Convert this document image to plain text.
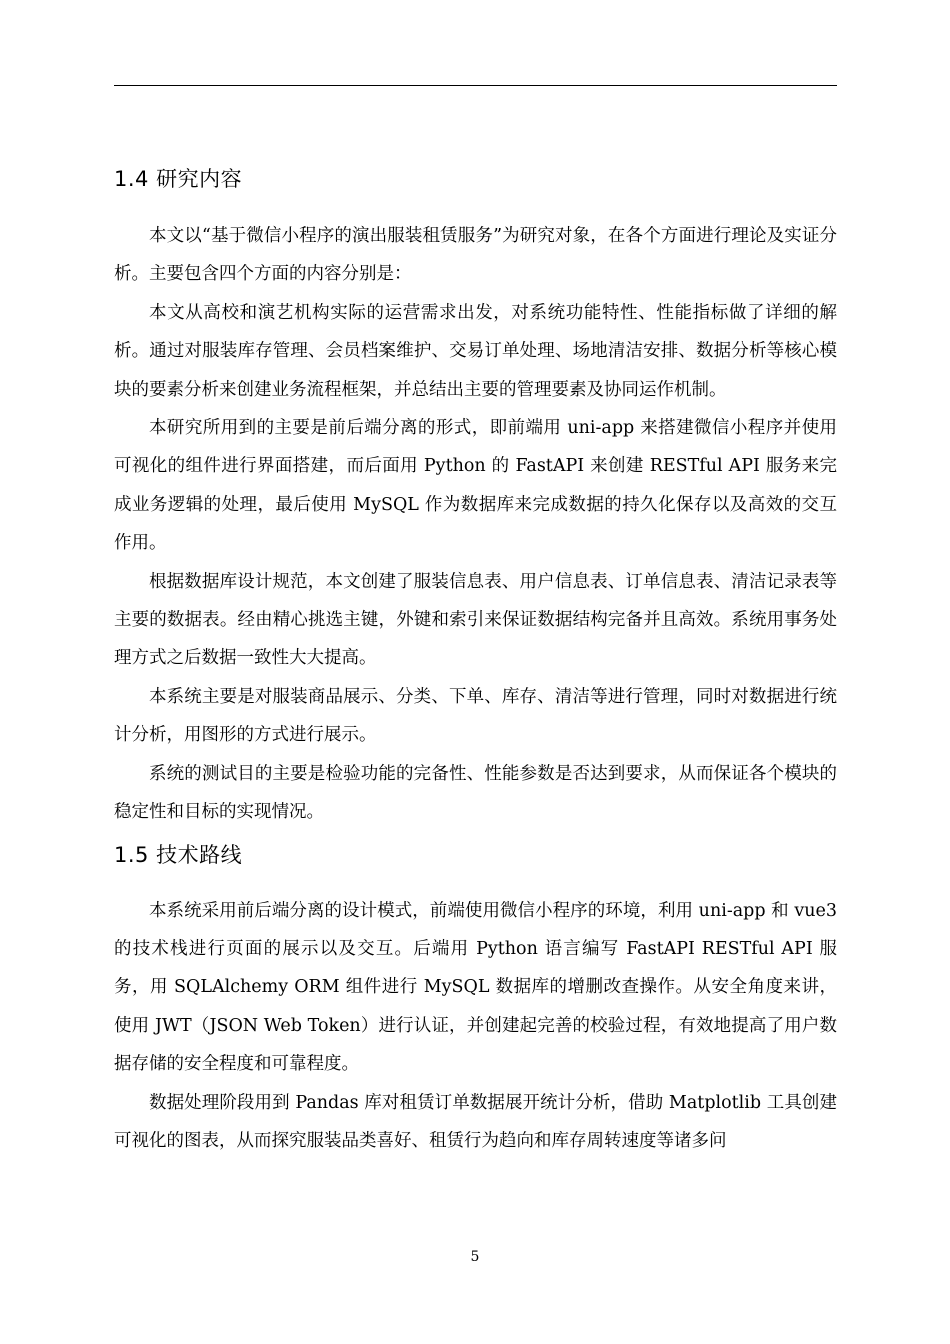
1.4 研究内容

本文以“基于微信小程序的演出服装租赁服务”为研究对象，在各个方面进行理论及实证分析。主要包含四个方面的内容分别是：

本文从高校和演艺机构实际的运营需求出发，对系统功能特性、性能指标做了详细的解析。通过对服装库存管理、会员档案维护、交易订单处理、场地清洁安排、数据分析等核心模块的要素分析来创建业务流程框架，并总结出主要的管理要素及协同运作机制。

本研究所用到的主要是前后端分离的形式，即前端用 uni-app 来搭建微信小程序并使用可视化的组件进行界面搭建，而后面用 Python 的 FastAPI 来创建 RESTful API 服务来完成业务逻辑的处理，最后使用 MySQL 作为数据库来完成数据的持久化保存以及高效的交互作用。

根据数据库设计规范，本文创建了服装信息表、用户信息表、订单信息表、清洁记录表等主要的数据表。经由精心挑选主键，外键和索引来保证数据结构完备并且高效。系统用事务处理方式之后数据一致性大大提高。

本系统主要是对服装商品展示、分类、下单、库存、清洁等进行管理，同时对数据进行统计分析，用图形的方式进行展示。

系统的测试目的主要是检验功能的完备性、性能参数是否达到要求，从而保证各个模块的稳定性和目标的实现情况。

1.5 技术路线

本系统采用前后端分离的设计模式，前端使用微信小程序的环境，利用 uni-app 和 vue3 的技术栈进行页面的展示以及交互。后端用 Python 语言编写 FastAPI RESTful API 服务，用 SQLAlchemy ORM 组件进行 MySQL 数据库的增删改查操作。从安全角度来讲，使用 JWT（JSON Web Token）进行认证，并创建起完善的校验过程，有效地提高了用户数据存储的安全程度和可靠程度。

数据处理阶段用到 Pandas 库对租赁订单数据展开统计分析，借助 Matplotlib 工具创建可视化的图表，从而探究服装品类喜好、租赁行为趋向和库存周转速度等诸多问

5
